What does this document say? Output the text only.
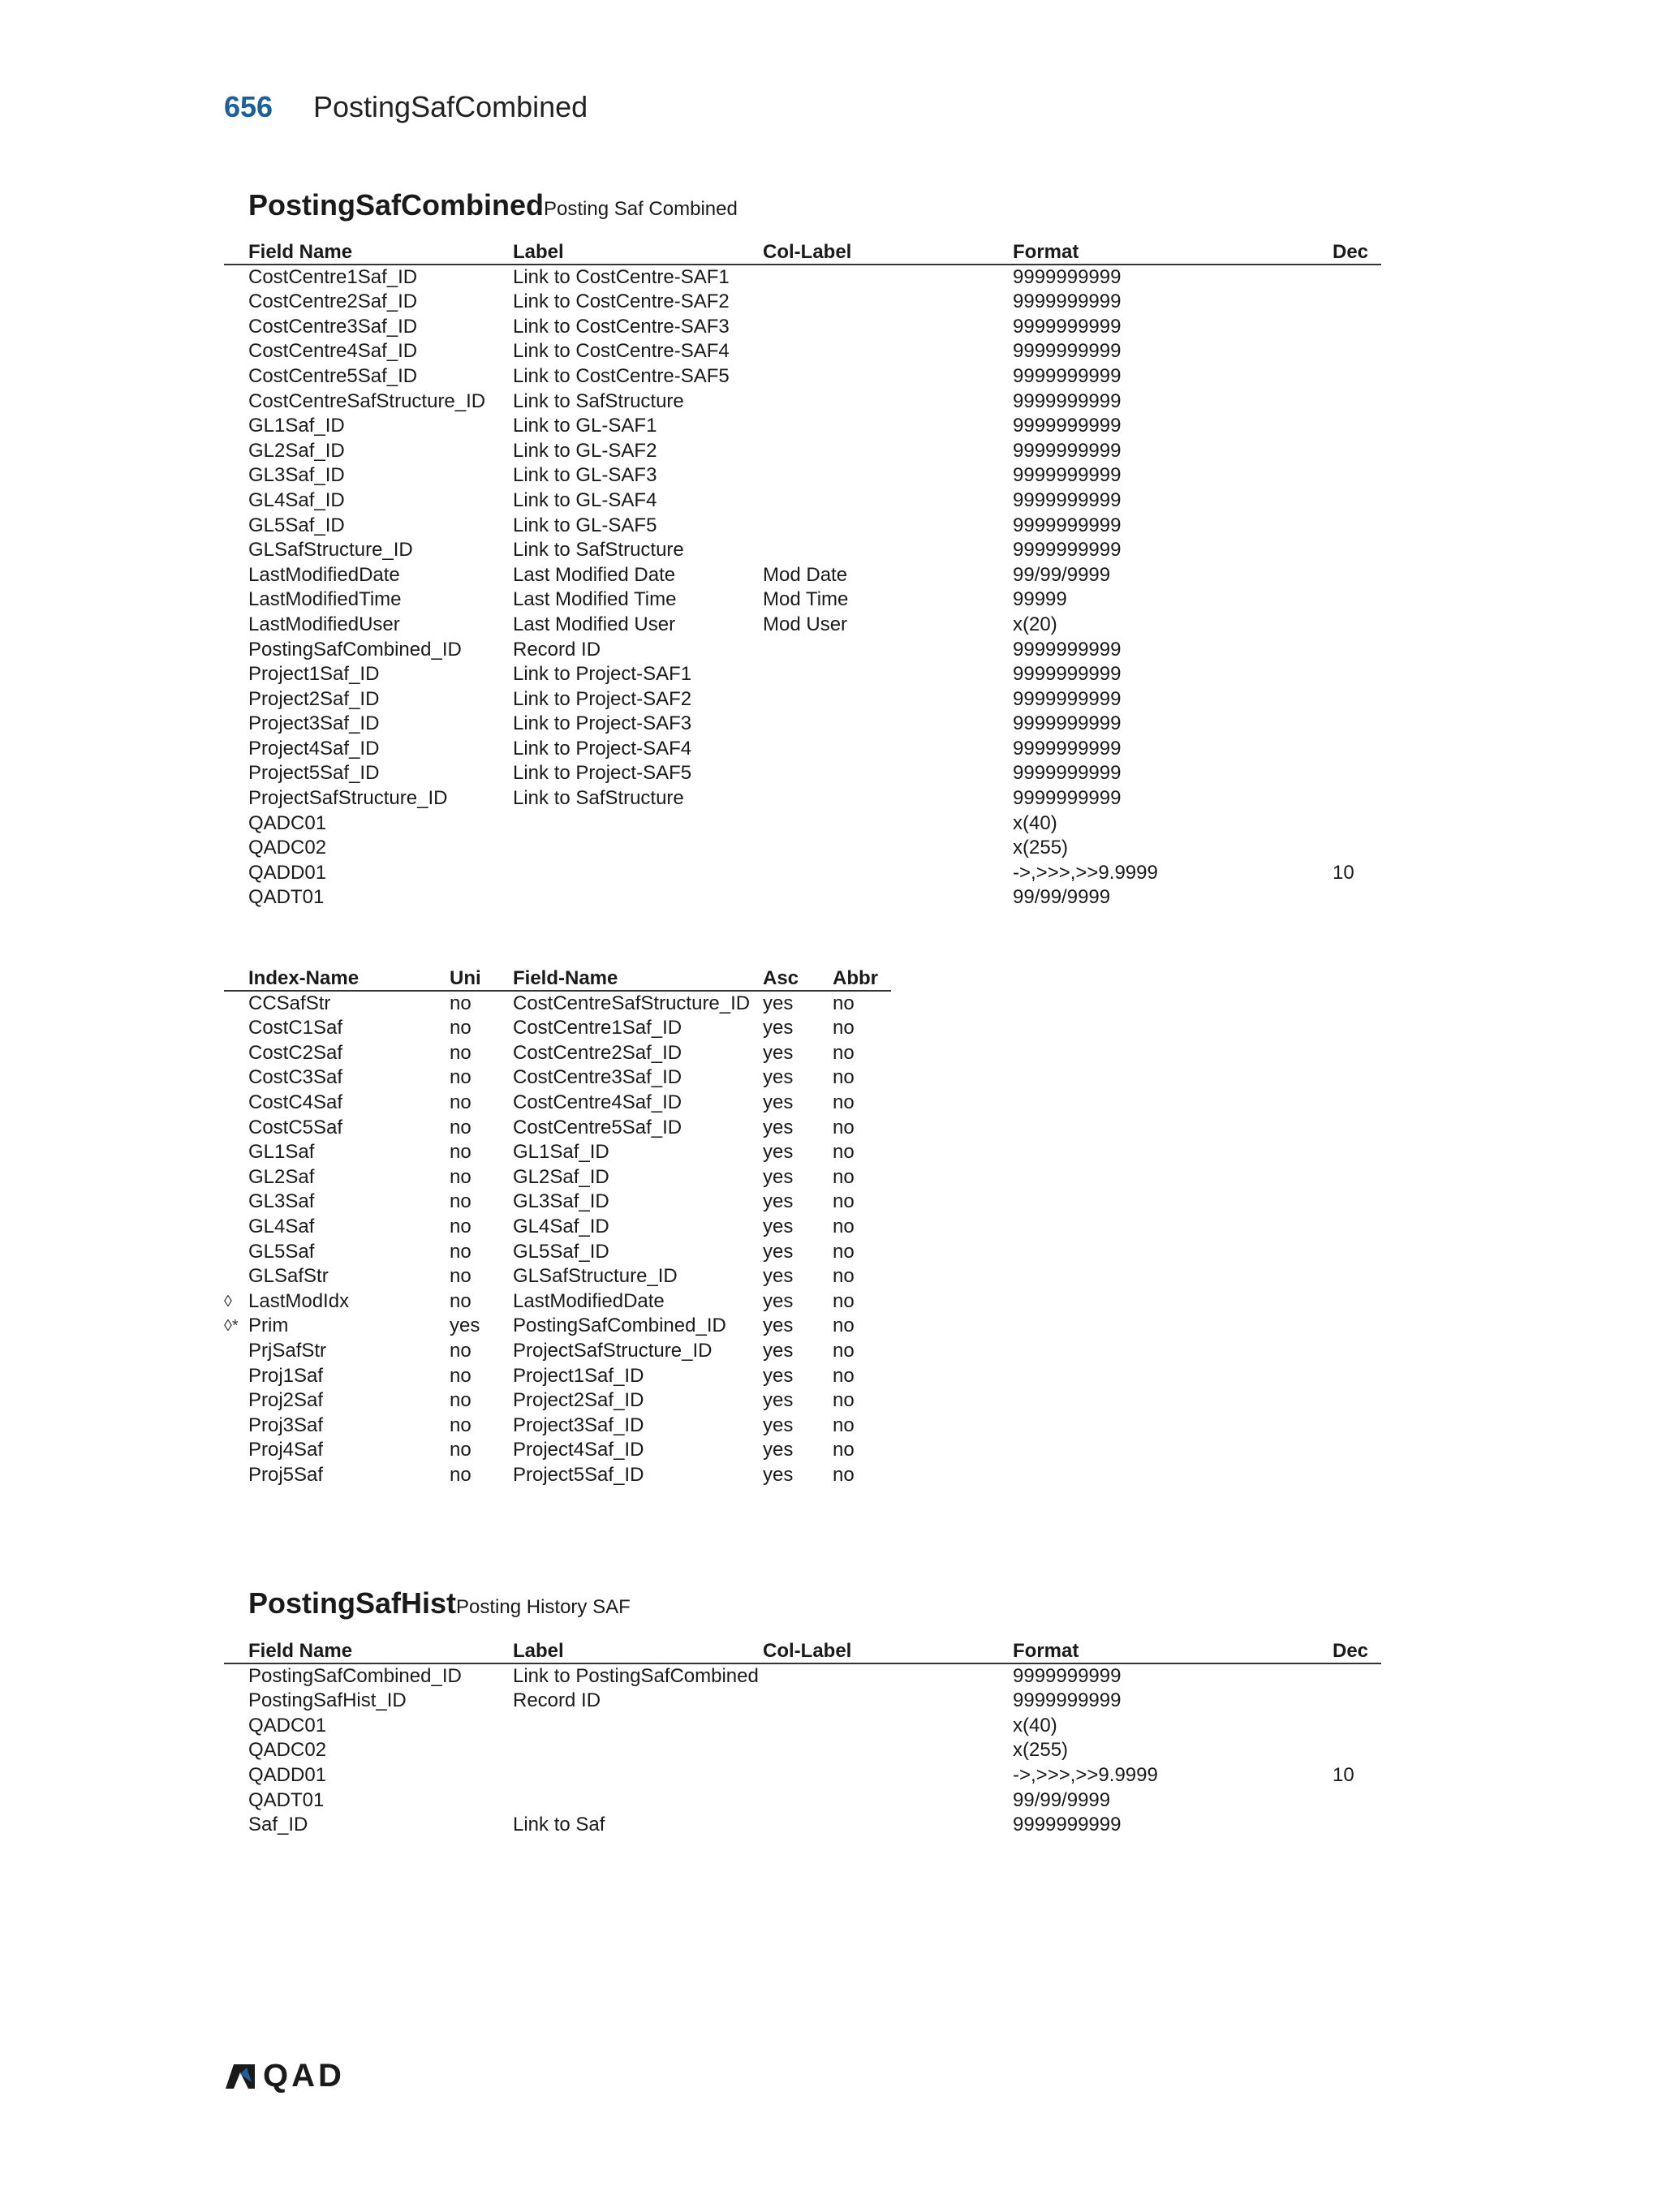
656 PostingSafCombined
PostingSafCombinedPosting Saf Combined
Field Name	Label	Col-Label	Format	Dec
CostCentre1Saf_ID	Link to CostCentre-SAF1	9999999999
CostCentre2Saf_ID	Link to CostCentre-SAF2	9999999999
CostCentre3Saf_ID	Link to CostCentre-SAF3	9999999999
CostCentre4Saf_ID	Link to CostCentre-SAF4	9999999999
CostCentre5Saf_ID	Link to CostCentre-SAF5	9999999999
CostCentreSafStructure_ID Link to SafStructure	9999999999
GL1Saf_ID	Link to GL-SAF1	9999999999
GL2Saf_ID	Link to GL-SAF2	9999999999
GL3Saf_ID	Link to GL-SAF3	9999999999
GL4Saf_ID	Link to GL-SAF4	9999999999
GL5Saf_ID	Link to GL-SAF5	9999999999
GLSafStructure_ID	Link to SafStructure	9999999999
LastModifiedDate	Last Modified Date	Mod Date	99/99/9999
LastModifiedTime	Last Modified Time	Mod Time	99999
LastModifiedUser	Last Modified User	Mod User	x(20)
PostingSafCombined_ID	Record ID	9999999999
Project1Saf_ID	Link to Project-SAF1	9999999999
Project2Saf_ID	Link to Project-SAF2	9999999999
Project3Saf_ID	Link to Project-SAF3	9999999999
Project4Saf_ID	Link to Project-SAF4	9999999999
Project5Saf_ID	Link to Project-SAF5	9999999999
ProjectSafStructure_ID	Link to SafStructure	9999999999
QADC01	x(40)
QADC02	x(255)
QADD01	->,>>>,>>9.9999	10
QADT01	99/99/9999
Index-Name	Uni Field-Name	Asc Abbr
CCSafStr	no CostCentreSafStructure_ID yes no
CostC1Saf	no CostCentre1Saf_ID	yes no
CostC2Saf	no CostCentre2Saf_ID	yes no
CostC3Saf	no CostCentre3Saf_ID	yes no
CostC4Saf	no CostCentre4Saf_ID	yes no
CostC5Saf	no CostCentre5Saf_ID	yes no
GL1Saf	no GL1Saf_ID	yes no
GL2Saf	no GL2Saf_ID	yes no
GL3Saf	no GL3Saf_ID	yes no
GL4Saf	no GL4Saf_ID	yes no
GL5Saf	no GL5Saf_ID	yes no
GLSafStr	no GLSafStructure_ID	yes no
◊ LastModIdx	no LastModifiedDate	yes no
◊* Prim	yes PostingSafCombined_ID yes no
PrjSafStr	no ProjectSafStructure_ID	yes no
Proj1Saf	no Project1Saf_ID	yes no
Proj2Saf	no Project2Saf_ID	yes no
Proj3Saf	no Project3Saf_ID	yes no
Proj4Saf	no Project4Saf_ID	yes no
Proj5Saf	no Project5Saf_ID	yes no
PostingSafHistPosting History SAF
Field Name	Label	Col-Label	Format	Dec
PostingSafCombined_ID	Link to PostingSafCombined	9999999999
PostingSafHist_ID	Record ID	9999999999
QADC01	x(40)
QADC02	x(255)
QADD01	->,>>>,>>9.9999	10
QADT01	99/99/9999
Saf_ID	Link to Saf	9999999999
QAD
